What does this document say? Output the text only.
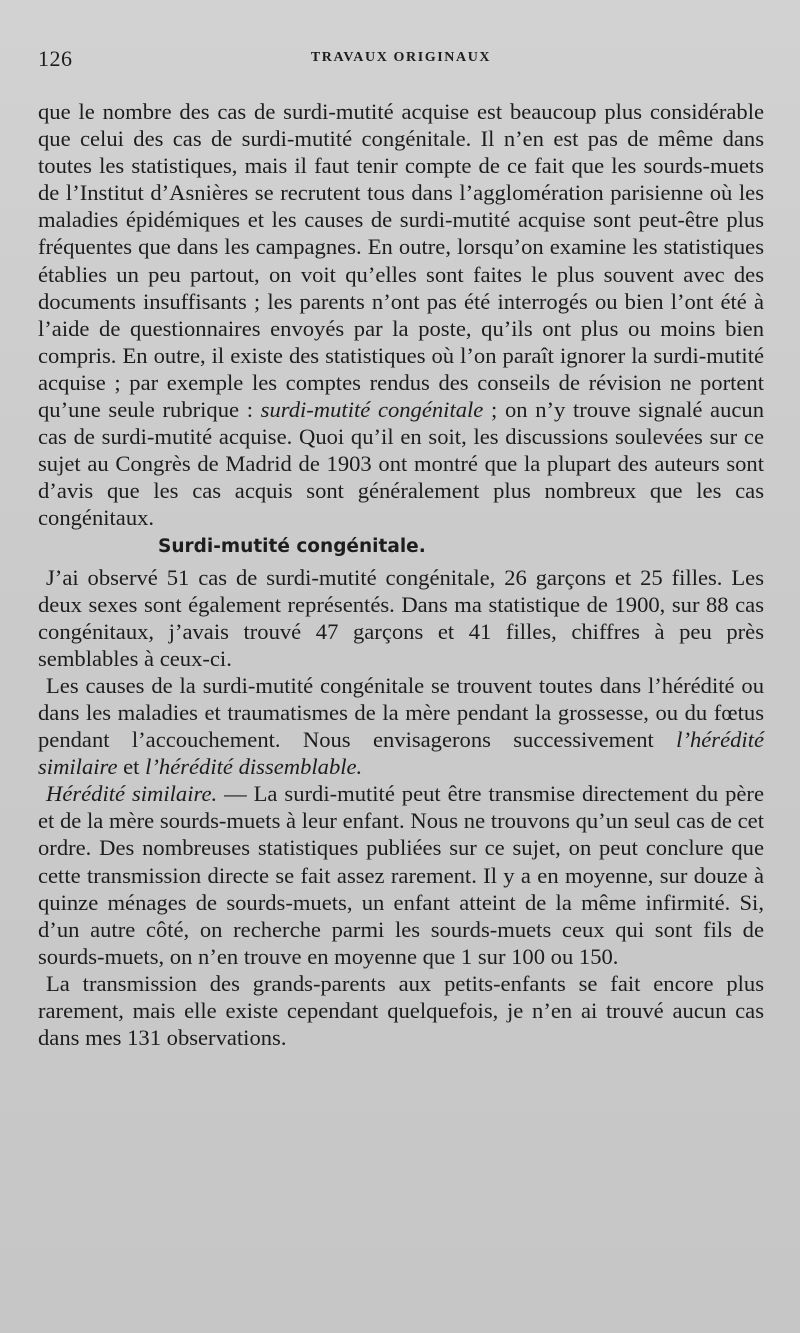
126	TRAVAUX ORIGINAUX

que le nombre des cas de surdi-mutité acquise est beaucoup plus considérable que celui des cas de surdi-mutité congénitale. Il n’en est pas de même dans toutes les statistiques, mais il faut tenir compte de ce fait que les sourds-muets de l’Institut d’Asnières se recrutent tous dans l’agglomération parisienne où les maladies épidémiques et les causes de surdi-mutité acquise sont peut-être plus fréquentes que dans les campagnes. En outre, lorsqu’on examine les statistiques établies un peu partout, on voit qu’elles sont faites le plus souvent avec des documents insuffisants ; les parents n’ont pas été interrogés ou bien l’ont été à l’aide de questionnaires envoyés par la poste, qu’ils ont plus ou moins bien compris. En outre, il existe des statistiques où l’on paraît ignorer la surdi-mutité acquise ; par exemple les comptes rendus des conseils de révision ne portent qu’une seule rubrique : surdi-mutité congénitale ; on n’y trouve signalé aucun cas de surdi-mutité acquise. Quoi qu’il en soit, les discussions soulevées sur ce sujet au Congrès de Madrid de 1903 ont montré que la plupart des auteurs sont d’avis que les cas acquis sont généralement plus nombreux que les cas congénitaux.

Surdi-mutité congénitale.

J’ai observé 51 cas de surdi-mutité congénitale, 26 garçons et 25 filles. Les deux sexes sont également représentés. Dans ma statistique de 1900, sur 88 cas congénitaux, j’avais trouvé 47 garçons et 41 filles, chiffres à peu près semblables à ceux-ci.

Les causes de la surdi-mutité congénitale se trouvent toutes dans l’hérédité ou dans les maladies et traumatismes de la mère pendant la grossesse, ou du fœtus pendant l’accouchement. Nous envisagerons successivement l’hérédité similaire et l’hérédité dissemblable.

Hérédité similaire. — La surdi-mutité peut être transmise directement du père et de la mère sourds-muets à leur enfant. Nous ne trouvons qu’un seul cas de cet ordre. Des nombreuses statistiques publiées sur ce sujet, on peut conclure que cette transmission directe se fait assez rarement. Il y a en moyenne, sur douze à quinze ménages de sourds-muets, un enfant atteint de la même infirmité. Si, d’un autre côté, on recherche parmi les sourds-muets ceux qui sont fils de sourds-muets, on n’en trouve en moyenne que 1 sur 100 ou 150.

La transmission des grands-parents aux petits-enfants se fait encore plus rarement, mais elle existe cependant quelquefois, je n’en ai trouvé aucun cas dans mes 131 observations.
